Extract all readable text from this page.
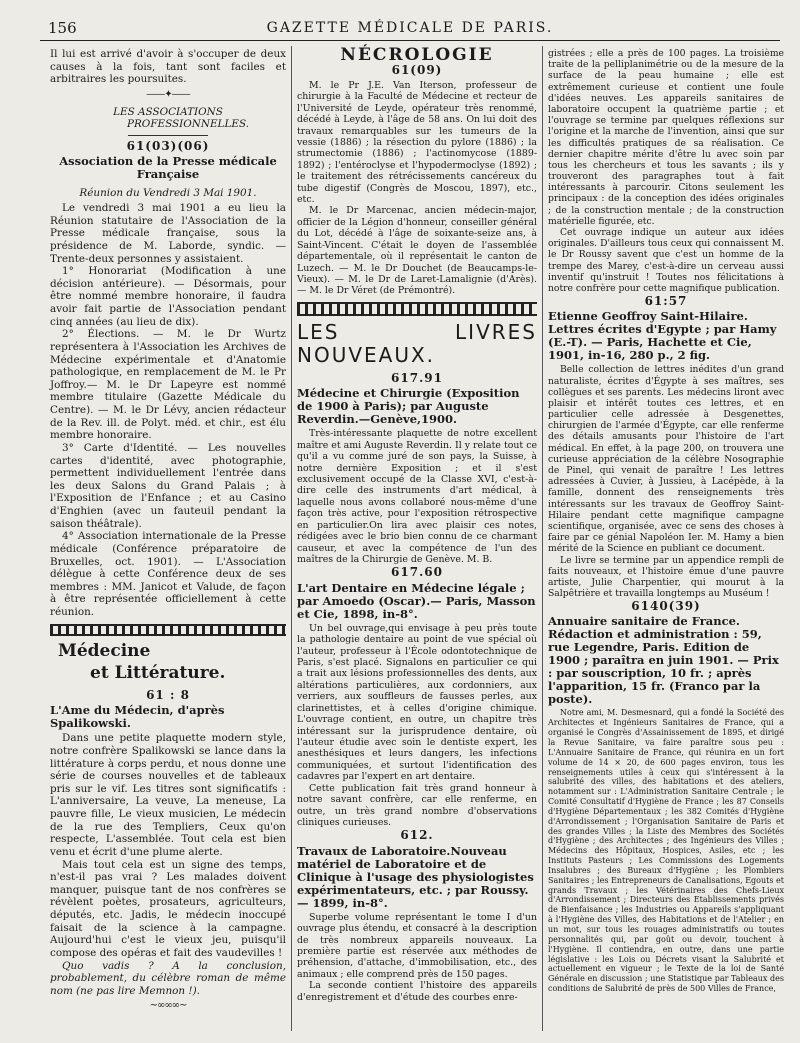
156	GAZETTE MÉDICALE DE PARIS.

Il lui est arrivé d'avoir à s'occuper de deux causes à la fois, tant sont faciles et arbitraires les poursuites.

——✦——
LES ASSOCIATIONS
PROFESSIONNELLES.
61(03)(06)
Association de la Presse médicale Française
Réunion du Vendredi 3 Mai 1901.

Le vendredi 3 mai 1901 a eu lieu la Réunion statutaire de l'Association de la Presse médicale française, sous la présidence de M. Laborde, syndic. — Trente-deux personnes y assistaient.

1° Honorariat (Modification à une décision antérieure). — Désormais, pour être nommé membre honoraire, il faudra avoir fait partie de l'Association pendant cinq années (au lieu de dix).

2° Élections. — M. le Dr Wurtz représentera à l'Association les Archives de Médecine expérimentale et d'Anatomie pathologique, en remplacement de M. le Pr Joffroy.— M. le Dr Lapeyre est nommé membre titulaire (Gazette Médicale du Centre). — M. le Dr Lévy, ancien rédacteur de la Rev. ill. de Polyt. méd. et chir., est élu membre honoraire.

3° Carte d'Identité. — Les nouvelles cartes d'identité, avec photographie, permettent individuellement l'entrée dans les deux Salons du Grand Palais ; à l'Exposition de l'Enfance ; et au Casino d'Enghien (avec un fauteuil pendant la saison théâtrale).

4° Association internationale de la Presse médicale (Conférence préparatoire de Bruxelles, oct. 1901). — L'Association délègue à cette Conférence deux de ses membres : MM. Janicot et Valude, de façon à être représentée officiellement à cette réunion.

Médecine
et Littérature.
61 : 8
L'Ame du Médecin, d'après Spalikowski.

Dans une petite plaquette modern style, notre confrère Spalikowski se lance dans la littérature à corps perdu, et nous donne une série de courses nouvelles et de tableaux pris sur le vif. Les titres sont significatifs : L'anniversaire, La veuve, La meneuse, La pauvre fille, Le vieux musicien, Le médecin de la rue des Templiers, Ceux qu'on respecte, L'assemblée. Tout cela est bien venu et écrit d'une plume alerte.

Mais tout cela est un signe des temps, n'est-il pas vrai ? Les malades doivent manquer, puisque tant de nos confrères se révèlent poètes, prosateurs, agriculteurs, députés, etc. Jadis, le médecin inoccupé faisait de la science à la campagne. Aujourd'hui c'est le vieux jeu, puisqu'il compose des opéras et fait des vaudevilles !

Quo vadis ? A la conclusion, probablement, du célèbre roman de même nom (ne pas lire Memnon !).

∼∞∞∞∼
NÉCROLOGIE
61(09)

M. le Pr J.E. Van Iterson, professeur de chirurgie à la Faculté de Médecine et recteur de l'Université de Leyde, opérateur très renommé, décédé à Leyde, à l'âge de 58 ans. On lui doit des travaux remarquables sur les tumeurs de la vessie (1886) ; la résection du pylore (1886) ; la strumectomie (1886) ; l'actinomycose (1889-1892) ; l'entéroclyse et l'hypodermoclyse (1892) ; le traitement des rétrécissements cancéreux du tube digestif (Congrès de Moscou, 1897), etc., etc.

M. le Dr Marcenac, ancien médecin-major, officier de la Légion d'honneur, conseiller général du Lot, décédé à l'âge de soixante-seize ans, à Saint-Vincent. C'était le doyen de l'assemblée départementale, où il représentait le canton de Luzech. — M. le Dr Douchet (de Beaucamps-le-Vieux). — M. le Dr de Laret-Lamalignie (d'Arès). — M. le Dr Véret (de Prémontré).

LES LIVRES NOUVEAUX.
617.91
Médecine et Chirurgie (Exposition de 1900 à Paris); par Auguste Reverdin.—Genève,1900.

Très-intéressante plaquette de notre excellent maître et ami Auguste Reverdin. Il y relate tout ce qu'il a vu comme juré de son pays, la Suisse, à notre dernière Exposition ; et il s'est exclusivement occupé de la Classe XVI, c'est-à-dire celle des instruments d'art médical, à laquelle nous avons collaboré nous-même d'une façon très active, pour l'exposition rétrospective en particulier.On lira avec plaisir ces notes, rédigées avec le brio bien connu de ce charmant causeur, et avec la compétence de l'un des maîtres de la Chirurgie de Genève. M. B.

617.60
L'art Dentaire en Médecine légale ; par Amoedo (Oscar).— Paris, Masson et Cie, 1898, in-8°.

Un bel ouvrage,qui envisage à peu près toute la pathologie dentaire au point de vue spécial où l'auteur, professeur à l'École odontotechnique de Paris, s'est placé. Signalons en particulier ce qui a trait aux lésions professionnelles des dents, aux altérations particulières, aux cordonniers, aux verriers, aux souffleurs de fausses perles, aux clarinettistes, et à celles d'origine chimique. L'ouvrage contient, en outre, un chapitre très intéressant sur la jurisprudence dentaire, où l'auteur étudie avec soin le dentiste expert, les anesthésiques et leurs dangers, les infections communiquées, et surtout l'identification des cadavres par l'expert en art dentaire.

Cette publication fait très grand honneur à notre savant confrère, car elle renferme, en outre, un très grand nombre d'observations cliniques curieuses.

612.
Travaux de Laboratoire.Nouveau matériel de Laboratoire et de Clinique à l'usage des physiologistes expérimentateurs, etc. ; par Roussy. — 1899, in-8°.

Superbe volume représentant le tome I d'un ouvrage plus étendu, et consacré à la description de très nombreux appareils nouveaux. La première partie est réservée aux méthodes de préhension, d'attache, d'immobilisation, etc., des animaux ; elle comprend près de 150 pages.

La seconde contient l'histoire des appareils d'enregistrement et d'étude des courbes enre-

gistrées ; elle a près de 100 pages. La troisième traite de la pelliplanimétrie ou de la mesure de la surface de la peau humaine ; elle est extrêmement curieuse et contient une foule d'idées neuves. Les appareils sanitaires de laboratoire occupent la quatrième partie ; et l'ouvrage se termine par quelques réflexions sur l'origine et la marche de l'invention, ainsi que sur les difficultés pratiques de sa réalisation. Ce dernier chapitre mérite d'être lu avec soin par tous les chercheurs et tous les savants ; ils y trouveront des paragraphes tout à fait intéressants à parcourir. Citons seulement les principaux : de la conception des idées originales ; de la construction mentale ; de la construction matérielle figurée, etc.

Cet ouvrage indique un auteur aux idées originales. D'ailleurs tous ceux qui connaissent M. le Dr Roussy savent que c'est un homme de la trempe des Marey, c'est-à-dire un cerveau aussi inventif qu'instruit ! Toutes nos félicitations à notre confrère pour cette magnifique publication.

61:57
Etienne Geoffroy Saint-Hilaire. Lettres écrites d'Egypte ; par Hamy (E.-T). — Paris, Hachette et Cie, 1901, in-16, 280 p., 2 fig.

Belle collection de lettres inédites d'un grand naturaliste, écrites d'Égypte à ses maîtres, ses collègues et ses parents. Les médecins liront avec plaisir et intérêt toutes ces lettres, et en particulier celle adressée à Desgenettes, chirurgien de l'armée d'Égypte, car elle renferme des détails amusants pour l'histoire de l'art médical. En effet, à la page 200, on trouvera une curieuse appréciation de la célèbre Nosographie de Pinel, qui venait de paraître ! Les lettres adressées à Cuvier, à Jussieu, à Lacépède, à la famille, donnent des renseignements très intéressants sur les travaux de Geoffroy Saint-Hilaire pendant cette magnifique campagne scientifique, organisée, avec ce sens des choses à faire par ce génial Napoléon Ier. M. Hamy a bien mérité de la Science en publiant ce document.

Le livre se termine par un appendice rempli de faits nouveaux, et l'histoire émue d'une pauvre artiste, Julie Charpentier, qui mourut à la Salpêtrière et travailla longtemps au Muséum !

6140(39)
Annuaire sanitaire de France. Rédaction et administration : 59, rue Legendre, Paris. Edition de 1900 ; paraîtra en juin 1901. — Prix : par souscription, 10 fr. ; après l'apparition, 15 fr. (Franco par la poste).

Notre ami, M. Desmesnard, qui a fondé la Société des Architectes et Ingénieurs Sanitaires de France, qui a organisé le Congrès d'Assainissement de 1895, et dirigé la Revue Sanitaire, va faire paraître sous peu : L'Annuaire Sanitaire de France, qui réunira en un fort volume de 14 × 20, de 600 pages environ, tous les renseignements utiles à ceux qui s'intéressent à la salubrité des villes, des habitations et des ateliers, notamment sur : L'Administration Sanitaire Centrale ; le Comité Consultatif d'Hygiène de France ; les 87 Conseils d'Hygiène Départementaux ; les 382 Comités d'Hygiène d'Arrondissement ; l'Organisation Sanitaire de Paris et des grandes Villes ; la Liste des Membres des Sociétés d'Hygiène ; des Architectes ; des Ingénieurs des Villes ; Médecins des Hôpitaux, Hospices, Asiles, etc ; les Instituts Pasteurs ; Les Commissions des Logements Insalubres ; des Bureaux d'Hygiène ; les Plombiers Sanitaires ; les Entrepreneurs de Canalisations, Egouts et grands Travaux ; les Vétérinaires des Chefs-Lieux d'Arrondissement ; Directeurs des Etablissements privés de Bienfaisance ; les Industries ou Appareils s'appliquant à l'Hygiène des Villes, des Habitations et de l'Atelier ; en un mot, sur tous les rouages administratifs ou toutes personnalités qui, par goût ou devoir, touchent à l'Hygiène. Il contiendra, en outre, dans une partie législative : les Lois ou Décrets visant la Salubrité et actuellement en vigueur ; le Texte de la loi de Santé Générale en discussion ; une Statistique par Tableaux des conditions de Salubrité de près de 500 Villes de France,
